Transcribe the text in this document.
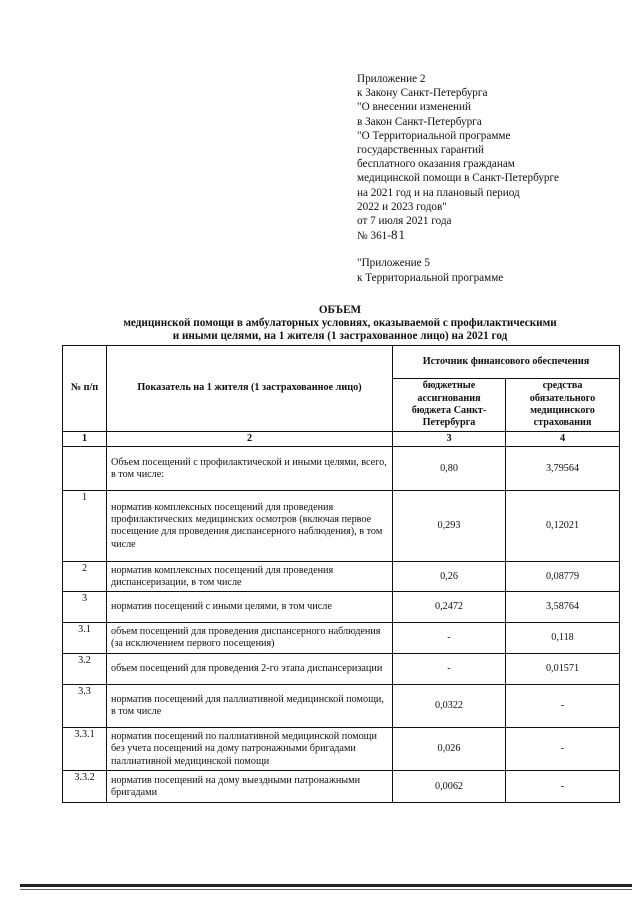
Приложение 2
к Закону Санкт-Петербурга
"О внесении изменений
в Закон Санкт-Петербурга
"О Территориальной программе
государственных гарантий
бесплатного оказания гражданам
медицинской помощи в Санкт-Петербурге
на 2021 год и на плановый период
2022 и 2023 годов"
от 7 июля 2021 года
№ 361-81
"Приложение 5
к Территориальной программе
ОБЪЕМ
медицинской помощи в амбулаторных условиях, оказываемой с профилактическими
и иными целями, на 1 жителя (1 застрахованное лицо) на 2021 год
№ п/п	Показатель на 1 жителя (1 застрахованное лицо)	Источник финансового обеспечения	
		бюджетные ассигнования бюджета Санкт-Петербурга	средства обязательного медицинского страхования
1	2	3	4
	Объем посещений с профилактической и иными целями, всего, в том числе:	0,80	3,79564
1	норматив комплексных посещений для проведения профилактических медицинских осмотров (включая первое посещение для проведения диспансерного наблюдения), в том числе	0,293	0,12021
2	норматив комплексных посещений для проведения диспансеризации, в том числе	0,26	0,08779
3	норматив посещений с иными целями, в том числе	0,2472	3,58764
3.1	объем посещений для проведения диспансерного наблюдения (за исключением первого посещения)	-	0,118
3.2	объем посещений для проведения 2-го этапа диспансеризации	-	0,01571
3.3	норматив посещений для паллиативной медицинской помощи, в том числе	0,0322	-
3.3.1	норматив посещений по паллиативной медицинской помощи без учета посещений на дому патронажными бригадами паллиативной медицинской помощи	0,026	-
3.3.2	норматив посещений на дому выездными патронажными бригадами	0,0062	-
